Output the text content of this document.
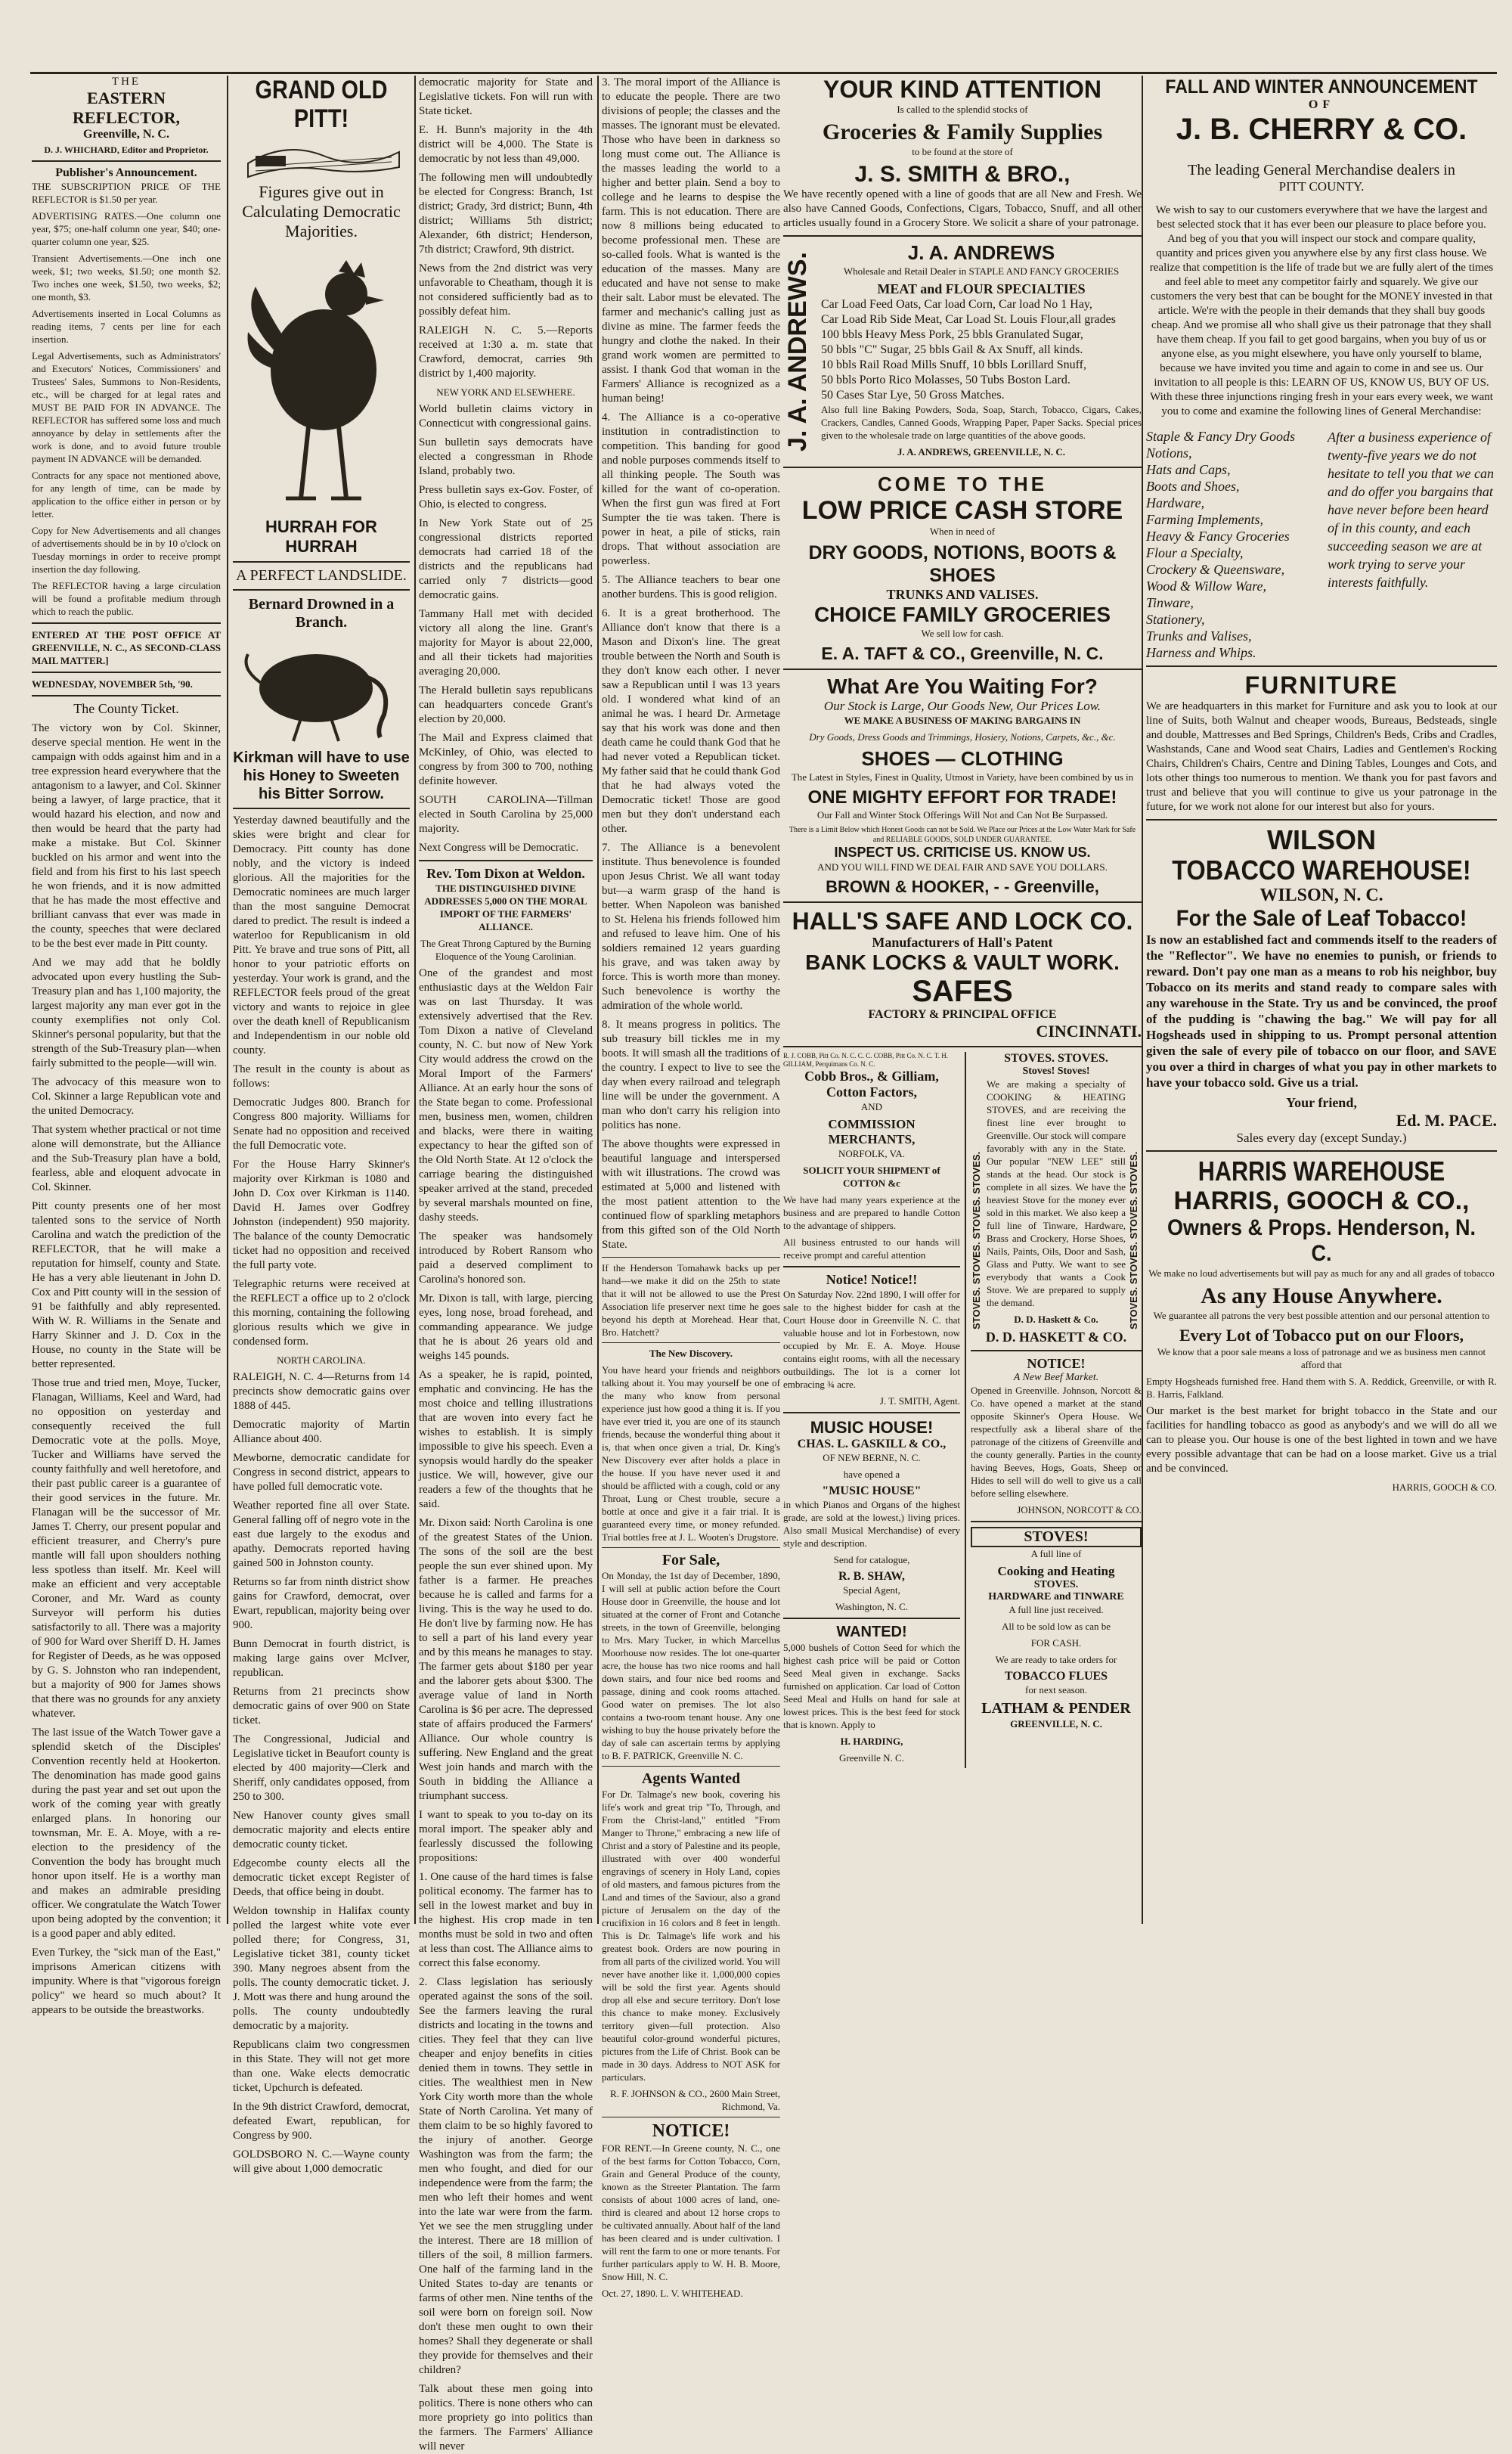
THE
EASTERN REFLECTOR,
Greenville, N. C.
D. J. WHICHARD, Editor and Proprietor.
Publisher's Announcement.

THE SUBSCRIPTION PRICE OF THE REFLECTOR is $1.50 per year.

ADVERTISING RATES.—One column one year, $75; one-half column one year, $40; one-quarter column one year, $25.

Transient Advertisements.—One inch one week, $1; two weeks, $1.50; one month $2. Two inches one week, $1.50, two weeks, $2; one month, $3.

Advertisements inserted in Local Columns as reading items, 7 cents per line for each insertion.

Legal Advertisements, such as Administrators' and Executors' Notices, Commissioners' and Trustees' Sales, Summons to Non-Residents, etc., will be charged for at legal rates and MUST BE PAID FOR IN ADVANCE. The REFLECTOR has suffered some loss and much annoyance by delay in settlements after the work is done, and to avoid future trouble payment IN ADVANCE will be demanded.

Contracts for any space not mentioned above, for any length of time, can be made by application to the office either in person or by letter.

Copy for New Advertisements and all changes of advertisements should be in by 10 o'clock on Tuesday mornings in order to receive prompt insertion the day following.

The REFLECTOR having a large circulation will be found a profitable medium through which to reach the public.

ENTERED AT THE POST OFFICE AT GREENVILLE, N. C., AS SECOND-CLASS MAIL MATTER.]

WEDNESDAY, NOVEMBER 5th, '90.
The County Ticket.

The victory won by Col. Skinner, deserve special mention. He went in the campaign with odds against him and in a tree expression heard everywhere that the antagonism to a lawyer, and Col. Skinner being a lawyer, of large practice, that it would hazard his election, and now and then would be heard that the party had make a mistake. But Col. Skinner buckled on his armor and went into the field and from his first to his last speech he won friends, and it is now admitted that he has made the most effective and brilliant canvass that ever was made in the county, speeches that were declared to be the best ever made in Pitt county.

And we may add that he boldly advocated upon every hustling the Sub-Treasury plan and has 1,100 majority, the largest majority any man ever got in the county exemplifies not only Col. Skinner's personal popularity, but that the strength of the Sub-Treasury plan—when fairly submitted to the people—will win.

The advocacy of this measure won to Col. Skinner a large Republican vote and the united Democracy.

That system whether practical or not time alone will demonstrate, but the Alliance and the Sub-Treasury plan have a bold, fearless, able and eloquent advocate in Col. Skinner.

Pitt county presents one of her most talented sons to the service of North Carolina and watch the prediction of the REFLECTOR, that he will make a reputation for himself, county and State. He has a very able lieutenant in John D. Cox and Pitt county will in the session of 91 be faithfully and ably represented. With W. R. Williams in the Senate and Harry Skinner and J. D. Cox in the House, no county in the State will be better represented.

Those true and tried men, Moye, Tucker, Flanagan, Williams, Keel and Ward, had no opposition on yesterday and consequently received the full Democratic vote at the polls. Moye, Tucker and Williams have served the county faithfully and well heretofore, and their past public career is a guarantee of their good services in the future. Mr. Flanagan will be the successor of Mr. James T. Cherry, our present popular and efficient treasurer, and Cherry's pure mantle will fall upon shoulders nothing less spotless than itself. Mr. Keel will make an efficient and very acceptable Coroner, and Mr. Ward as county Surveyor will perform his duties satisfactorily to all. There was a majority of 900 for Ward over Sheriff D. H. James for Register of Deeds, as he was opposed by G. S. Johnston who ran independent, but a majority of 900 for James shows that there was no grounds for any anxiety whatever.

The last issue of the Watch Tower gave a splendid sketch of the Disciples' Convention recently held at Hookerton. The denomination has made good gains during the past year and set out upon the work of the coming year with greatly enlarged plans. In honoring our townsman, Mr. E. A. Moye, with a re-election to the presidency of the Convention the body has brought much honor upon itself. He is a worthy man and makes an admirable presiding officer. We congratulate the Watch Tower upon being adopted by the convention; it is a good paper and ably edited.

Even Turkey, the "sick man of the East," imprisons American citizens with impunity. Where is that "vigorous foreign policy" we heard so much about? It appears to be outside the breastworks.

GRAND OLD PITT!
Figures give out in Calculating Democratic Majorities.
HURRAH FOR HURRAH
A PERFECT LANDSLIDE.
Bernard Drowned in a Branch.
Kirkman will have to use his Honey to Sweeten his Bitter Sorrow.

Yesterday dawned beautifully and the skies were bright and clear for Democracy. Pitt county has done nobly, and the victory is indeed glorious. All the majorities for the Democratic nominees are much larger than the most sanguine Democrat dared to predict. The result is indeed a waterloo for Republicanism in old Pitt. Ye brave and true sons of Pitt, all honor to your patriotic efforts on yesterday. Your work is grand, and the REFLECTOR feels proud of the great victory and wants to rejoice in glee over the death knell of Republicanism and Independentism in our noble old county.

The result in the county is about as follows:

Democratic Judges 800. Branch for Congress 800 majority. Williams for Senate had no opposition and received the full Democratic vote.

For the House Harry Skinner's majority over Kirkman is 1080 and John D. Cox over Kirkman is 1140. David H. James over Godfrey Johnston (independent) 950 majority. The balance of the county Democratic ticket had no opposition and received the full party vote.

Telegraphic returns were received at the REFLECT a office up to 2 o'clock this morning, containing the following glorious results which we give in condensed form.

NORTH CAROLINA.

RALEIGH, N. C. 4—Returns from 14 precincts show democratic gains over 1888 of 445.

Democratic majority of Martin Alliance about 400.

Mewborne, democratic candidate for Congress in second district, appears to have polled full democratic vote.

Weather reported fine all over State. General falling off of negro vote in the east due largely to the exodus and apathy. Democrats reported having gained 500 in Johnston county.

Returns so far from ninth district show gains for Crawford, democrat, over Ewart, republican, majority being over 900.

Bunn Democrat in fourth district, is making large gains over McIver, republican.

Returns from 21 precincts show democratic gains of over 900 on State ticket.

The Congressional, Judicial and Legislative ticket in Beaufort county is elected by 400 majority—Clerk and Sheriff, only candidates opposed, from 250 to 300.

New Hanover county gives small democratic majority and elects entire democratic county ticket.

Edgecombe county elects all the democratic ticket except Register of Deeds, that office being in doubt.

Weldon township in Halifax county polled the largest white vote ever polled there; for Congress, 31, Legislative ticket 381, county ticket 390. Many negroes absent from the polls. The county democratic ticket. J. J. Mott was there and hung around the polls. The county undoubtedly democratic by a majority.

Republicans claim two congressmen in this State. They will not get more than one. Wake elects democratic ticket, Upchurch is defeated.

In the 9th district Crawford, democrat, defeated Ewart, republican, for Congress by 900.

GOLDSBORO N. C.—Wayne county will give about 1,000 democratic

democratic majority for State and Legislative tickets. Fon will run with State ticket.

E. H. Bunn's majority in the 4th district will be 4,000. The State is democratic by not less than 49,000.

The following men will undoubtedly be elected for Congress: Branch, 1st district; Grady, 3rd district; Bunn, 4th district; Williams 5th district; Alexander, 6th district; Henderson, 7th district; Crawford, 9th district.

News from the 2nd district was very unfavorable to Cheatham, though it is not considered sufficiently bad as to possibly defeat him.

RALEIGH N. C. 5.—Reports received at 1:30 a. m. state that Crawford, democrat, carries 9th district by 1,400 majority.

NEW YORK AND ELSEWHERE.

World bulletin claims victory in Connecticut with congressional gains.

Sun bulletin says democrats have elected a congressman in Rhode Island, probably two.

Press bulletin says ex-Gov. Foster, of Ohio, is elected to congress.

In New York State out of 25 congressional districts reported democrats had carried 18 of the districts and the republicans had carried only 7 districts—good democratic gains.

Tammany Hall met with decided victory all along the line. Grant's majority for Mayor is about 22,000, and all their tickets had majorities averaging 20,000.

The Herald bulletin says republicans can headquarters concede Grant's election by 20,000.

The Mail and Express claimed that McKinley, of Ohio, was elected to congress by from 300 to 700, nothing definite however.

SOUTH CAROLINA—Tillman elected in South Carolina by 25,000 majority.

Next Congress will be Democratic.

Rev. Tom Dixon at Weldon.
THE DISTINGUISHED DIVINE ADDRESSES 5,000 ON THE MORAL IMPORT OF THE FARMERS' ALLIANCE.
The Great Throng Captured by the Burning Eloquence of the Young Carolinian.

One of the grandest and most enthusiastic days at the Weldon Fair was on last Thursday. It was extensively advertised that the Rev. Tom Dixon a native of Cleveland county, N. C. but now of New York City would address the crowd on the Moral Import of the Farmers' Alliance. At an early hour the sons of the State began to come. Professional men, business men, women, children and blacks, were there in waiting expectancy to hear the gifted son of the Old North State. At 12 o'clock the carriage bearing the distinguished speaker arrived at the stand, preceded by several marshals mounted on fine, dashy steeds.

The speaker was handsomely introduced by Robert Ransom who paid a deserved compliment to Carolina's honored son.

Mr. Dixon is tall, with large, piercing eyes, long nose, broad forehead, and commanding appearance. We judge that he is about 26 years old and weighs 145 pounds.

As a speaker, he is rapid, pointed, emphatic and convincing. He has the most choice and telling illustrations that are woven into every fact he wishes to establish. It is simply impossible to give his speech. Even a synopsis would hardly do the speaker justice. We will, however, give our readers a few of the thoughts that he said.

Mr. Dixon said: North Carolina is one of the greatest States of the Union. The sons of the soil are the best people the sun ever shined upon. My father is a farmer. He preaches because he is called and farms for a living. This is the way he used to do. He don't live by farming now. He has to sell a part of his land every year and by this means he manages to stay. The farmer gets about $180 per year and the laborer gets about $300. The average value of land in North Carolina is $6 per acre. The depressed state of affairs produced the Farmers' Alliance. Our whole country is suffering. New England and the great West join hands and march with the South in bidding the Alliance a triumphant success.

I want to speak to you to-day on its moral import. The speaker ably and fearlessly discussed the following propositions:

1. One cause of the hard times is false political economy. The farmer has to sell in the lowest market and buy in the highest. His crop made in ten months must be sold in two and often at less than cost. The Alliance aims to correct this false economy.

2. Class legislation has seriously operated against the sons of the soil. See the farmers leaving the rural districts and locating in the towns and cities. They feel that they can live cheaper and enjoy benefits in cities denied them in towns. They settle in cities. The wealthiest men in New York City worth more than the whole State of North Carolina. Yet many of them claim to be so highly favored to the injury of another. George Washington was from the farm; the men who fought, and died for our independence were from the farm; the men who left their homes and went into the late war were from the farm. Yet we see the men struggling under the interest. There are 18 million of tillers of the soil, 8 million farmers. One half of the farming land in the United States to-day are tenants or farms of other men. Nine tenths of the soil were born on foreign soil. Now don't these men ought to own their homes? Shall they degenerate or shall they provide for themselves and their children?

Talk about these men going into politics. There is none others who can more propriety go into politics than the farmers. The Farmers' Alliance will never

3. The moral import of the Alliance is to educate the people. There are two divisions of people; the classes and the masses. The ignorant must be elevated. Those who have been in darkness so long must come out. The Alliance is the masses leading the world to a higher and better plain. Send a boy to college and he learns to despise the farm. This is not education. There are now 8 millions being educated to become professional men. These are so-called fools. What is wanted is the education of the masses. Many are educated and have not sense to make their salt. Labor must be elevated. The farmer and mechanic's calling just as divine as mine. The farmer feeds the hungry and clothe the naked. In their grand work women are permitted to assist. I thank God that woman in the Farmers' Alliance is recognized as a human being!

4. The Alliance is a co-operative institution in contradistinction to competition. This banding for good and noble purposes commends itself to all thinking people. The South was killed for the want of co-operation. When the first gun was fired at Fort Sumpter the tie was taken. There is power in heat, a pile of sticks, rain drops. That without association are powerless.

5. The Alliance teachers to bear one another burdens. This is good religion.

6. It is a great brotherhood. The Alliance don't know that there is a Mason and Dixon's line. The great trouble between the North and South is they don't know each other. I never saw a Republican until I was 13 years old. I wondered what kind of an animal he was. I heard Dr. Armetage say that his work was done and then death came he could thank God that he had never voted a Republican ticket. My father said that he could thank God that he had always voted the Democratic ticket! Those are good men but they don't understand each other.

7. The Alliance is a benevolent institute. Thus benevolence is founded upon Jesus Christ. We all want today but—a warm grasp of the hand is better. When Napoleon was banished to St. Helena his friends followed him and refused to leave him. One of his soldiers remained 12 years guarding his grave, and was taken away by force. This is worth more than money. Such benevolence is worthy the admiration of the whole world.

8. It means progress in politics. The sub treasury bill tickles me in my boots. It will smash all the traditions of the country. I expect to live to see the day when every railroad and telegraph line will be under the government. A man who don't carry his religion into politics has none.

The above thoughts were expressed in beautiful language and interspersed with wit illustrations. The crowd was estimated at 5,000 and listened with the most patient attention to the continued flow of sparkling metaphors from this gifted son of the Old North State.

If the Henderson Tomahawk backs up per hand—we make it did on the 25th to state that it will not be allowed to use the Prest Association life preserver next time he goes beyond his depth at Morehead. Hear that, Bro. Hatchett?

The New Discovery.

You have heard your friends and neighbors talking about it. You may yourself be one of the many who know from personal experience just how good a thing it is. If you have ever tried it, you are one of its staunch friends, because the wonderful thing about it is, that when once given a trial, Dr. King's New Discovery ever after holds a place in the house. If you have never used it and should be afflicted with a cough, cold or any Throat, Lung or Chest trouble, secure a bottle at once and give it a fair trial. It is guaranteed every time, or money refunded. Trial bottles free at J. L. Wooten's Drugstore.

For Sale,

On Monday, the 1st day of December, 1890, I will sell at public action before the Court House door in Greenville, the house and lot situated at the corner of Front and Cotanche streets, in the town of Greenville, belonging to Mrs. Mary Tucker, in which Marcellus Moorhouse now resides. The lot one-quarter acre, the house has two nice rooms and hall down stairs, and four nice bed rooms and passage, dining and cook rooms attached. Good water on premises. The lot also contains a two-room tenant house. Any one wishing to buy the house privately before the day of sale can ascertain terms by applying to B. F. PATRICK, Greenville N. C.

Agents Wanted

For Dr. Talmage's new book, covering his life's work and great trip "To, Through, and From the Christ-land," entitled "From Manger to Throne," embracing a new life of Christ and a story of Palestine and its people, illustrated with over 400 wonderful engravings of scenery in Holy Land, copies of old masters, and famous pictures from the Land and times of the Saviour, also a grand picture of Jerusalem on the day of the crucifixion in 16 colors and 8 feet in length. This is Dr. Talmage's life work and his greatest book. Orders are now pouring in from all parts of the civilized world. You will never have another like it. 1,000,000 copies will be sold the first year. Agents should drop all else and secure territory. Don't lose this chance to make money. Exclusively territory given—full protection. Also beautiful color-ground wonderful pictures, pictures from the Life of Christ. Book can be made in 30 days. Address to NOT ASK for particulars.

R. F. JOHNSON & CO., 2600 Main Street, Richmond, Va.
NOTICE!

FOR RENT.—In Greene county, N. C., one of the best farms for Cotton Tobacco, Corn, Grain and General Produce of the county, known as the Streeter Plantation. The farm consists of about 1000 acres of land, one-third is cleared and about 12 horse crops to be cultivated annually. About half of the land has been cleared and is under cultivation. I will rent the farm to one or more tenants. For further particulars apply to W. H. B. Moore, Snow Hill, N. C.

Oct. 27, 1890. L. V. WHITEHEAD.
YOUR KIND ATTENTION
Is called to the splendid stocks of
Groceries & Family Supplies
to be found at the store of
J. S. SMITH & BRO.,

We have recently opened with a line of goods that are all New and Fresh. We also have Canned Goods, Confections, Cigars, Tobacco, Snuff, and all other articles usually found in a Grocery Store. We solicit a share of your patronage.

J. A. ANDREWS.	J. A. ANDREWS
Wholesale and Retail Dealer in STAPLE AND FANCY GROCERIES
MEAT and FLOUR SPECIALTIES
Car Load Feed Oats, Car load Corn, Car load No 1 Hay,
Car Load Rib Side Meat, Car Load St. Louis Flour,all grades
100 bbls Heavy Mess Pork, 25 bbls Granulated Sugar,
50 bbls "C" Sugar, 25 bbls Gail & Ax Snuff, all kinds.
10 bbls Rail Road Mills Snuff, 10 bbls Lorillard Snuff,
50 bbls Porto Rico Molasses, 50 Tubs Boston Lard.
50 Cases Star Lye, 50 Gross Matches.

Also full line Baking Powders, Soda, Soap, Starch, Tobacco, Cigars, Cakes, Crackers, Candles, Canned Goods, Wrapping Paper, Paper Sacks. Special prices given to the wholesale trade on large quantities of the above goods.

J. A. ANDREWS, GREENVILLE, N. C.
COME TO THE
LOW PRICE CASH STORE
When in need of
DRY GOODS, NOTIONS, BOOTS & SHOES
TRUNKS AND VALISES.
CHOICE FAMILY GROCERIES
We sell low for cash.
E. A. TAFT & CO., Greenville, N. C.
What Are You Waiting For?
Our Stock is Large, Our Goods New, Our Prices Low.
WE MAKE A BUSINESS OF MAKING BARGAINS IN
Dry Goods, Dress Goods and Trimmings, Hosiery, Notions, Carpets, &c., &c.
SHOES — CLOTHING
The Latest in Styles, Finest in Quality, Utmost in Variety, have been combined by us in
ONE MIGHTY EFFORT FOR TRADE!
Our Fall and Winter Stock Offerings Will Not and Can Not Be Surpassed.
There is a Limit Below which Honest Goods can not be Sold. We Place our Prices at the Low Water Mark for Safe and RELIABLE GOODS, SOLD UNDER GUARANTEE.
INSPECT US. CRITICISE US. KNOW US.
AND YOU WILL FIND WE DEAL FAIR AND SAVE YOU DOLLARS.
BROWN & HOOKER, - - Greenville,
HALL'S SAFE AND LOCK CO.
Manufacturers of Hall's Patent
BANK LOCKS & VAULT WORK.
SAFES
FACTORY & PRINCIPAL OFFICE
CINCINNATI.
R. J. COBB, Pitt Co. N. C. C. C. COBB, Pitt Co. N. C. T. H. GILLIAM, Perquimans Co. N. C.
Cobb Bros., & Gilliam,
Cotton Factors,
AND
COMMISSION MERCHANTS,
NORFOLK, VA.
SOLICIT YOUR SHIPMENT of COTTON &c

We have had many years experience at the business and are prepared to handle Cotton to the advantage of shippers.

All business entrusted to our hands will receive prompt and careful attention

Notice! Notice!!

On Saturday Nov. 22nd 1890, I will offer for sale to the highest bidder for cash at the Court House door in Greenville N. C. that valuable house and lot in Forbestown, now occupied by Mr. E. A. Moye. House contains eight rooms, with all the necessary outbuildings. The lot is a corner lot embracing ¾ acre.

J. T. SMITH, Agent.
MUSIC HOUSE!
CHAS. L. GASKILL & CO.,
OF NEW BERNE, N. C.
have opened a
"MUSIC HOUSE"

in which Pianos and Organs of the highest grade, are sold at the lowest,) living prices. Also small Musical Merchandise) of every style and description.

Send for catalogue,
R. B. SHAW,
Special Agent,
Washington, N. C.
WANTED!

5,000 bushels of Cotton Seed for which the highest cash price will be paid or Cotton Seed Meal given in exchange. Sacks furnished on application. Car load of Cotton Seed Meal and Hulls on hand for sale at lowest prices. This is the best feed for stock that is known. Apply to

H. HARDING,
Greenville N. C.
STOVES. STOVES.
STOVES. STOVES. STOVES. STOVES.
Stoves! Stoves!

We are making a specialty of COOKING & HEATING STOVES, and are receiving the finest line ever brought to Greenville. Our stock will compare favorably with any in the State. Our popular "NEW LEE" still stands at the head. Our stock is complete in all sizes. We have the heaviest Stove for the money ever sold in this market. We also keep a full line of Tinware, Hardware, Brass and Crockery, Horse Shoes, Nails, Paints, Oils, Door and Sash, Glass and Putty. We want to see everybody that wants a Cook Stove. We are prepared to supply the demand.

D. D. Haskett & Co.	STOVES. STOVES. STOVES. STOVES.
D. D. HASKETT & CO.
NOTICE!
A New Beef Market.

Opened in Greenville. Johnson, Norcott & Co. have opened a market at the stand opposite Skinner's Opera House. We respectfully ask a liberal share of the patronage of the citizens of Greenville and the county generally. Parties in the county having Beeves, Hogs, Goats, Sheep or Hides to sell will do well to give us a call before selling elsewhere.

JOHNSON, NORCOTT & CO.
STOVES!
A full line of
Cooking and Heating
STOVES.
HARDWARE and TINWARE
A full line just received.
All to be sold low as can be
FOR CASH.
We are ready to take orders for
TOBACCO FLUES
for next season.
LATHAM & PENDER
GREENVILLE, N. C.
FALL AND WINTER ANNOUNCEMENT
OF
J. B. CHERRY & CO.
The leading General Merchandise dealers in
PITT COUNTY.

We wish to say to our customers everywhere that we have the largest and best selected stock that it has ever been our pleasure to place before you. And beg of you that you will inspect our stock and compare quality, quantity and prices given you anywhere else by any first class house. We realize that competition is the life of trade but we are fully alert of the times and feel able to meet any competitor fairly and squarely. We give our customers the very best that can be bought for the MONEY invested in that article. We're with the people in their demands that they shall buy goods cheap. And we promise all who shall give us their patronage that they shall have them cheap. If you fail to get good bargains, when you buy of us or anyone else, as you might elsewhere, you have only yourself to blame, because we have invited you time and again to come in and see us. Our invitation to all people is this: LEARN OF US, KNOW US, BUY OF US. With these three injunctions ringing fresh in your ears every week, we want you to come and examine the following lines of General Merchandise:

Staple & Fancy Dry Goods
Notions,
Hats and Caps,
Boots and Shoes,
Hardware,
Farming Implements,
Heavy & Fancy Groceries
Flour a Specialty,
Crockery & Queensware,
Wood & Willow Ware,
Tinware,
Stationery,
Trunks and Valises,
Harness and Whips.
After a business experience of twenty-five years we do not hesitate to tell you that we can and do offer you bargains that have never before been heard of in this county, and each succeeding season we are at work trying to serve your interests faithfully.
FURNITURE

We are headquarters in this market for Furniture and ask you to look at our line of Suits, both Walnut and cheaper woods, Bureaus, Bedsteads, single and double, Mattresses and Bed Springs, Children's Beds, Cribs and Cradles, Washstands, Cane and Wood seat Chairs, Ladies and Gentlemen's Rocking Chairs, Children's Chairs, Centre and Dining Tables, Lounges and Cots, and lots other things too numerous to mention. We thank you for past favors and trust and believe that you will continue to give us your patronage in the future, for we work not alone for our interest but also for yours.

WILSON
TOBACCO WAREHOUSE!
WILSON, N. C.
For the Sale of Leaf Tobacco!

Is now an established fact and commends itself to the readers of the "Reflector". We have no enemies to punish, or friends to reward. Don't pay one man as a means to rob his neighbor, buy Tobacco on its merits and stand ready to compare sales with any warehouse in the State. Try us and be convinced, the proof of the pudding is "chawing the bag." We will pay for all Hogsheads used in shipping to us. Prompt personal attention given the sale of every pile of tobacco on our floor, and SAVE you over a third in charges of what you pay in other markets to have your tobacco sold. Give us a trial.

Your friend,
Ed. M. PACE.
Sales every day (except Sunday.)
HARRIS WAREHOUSE
HARRIS, GOOCH & CO.,
Owners & Props. Henderson, N. C.
We make no loud advertisements but will pay as much for any and all grades of tobacco
As any House Anywhere.
We guarantee all patrons the very best possible attention and our personal attention to
Every Lot of Tobacco put on our Floors,
We know that a poor sale means a loss of patronage and we as business men cannot afford that

Empty Hogsheads furnished free. Hand them with S. A. Reddick, Greenville, or with R. B. Harris, Falkland.

Our market is the best market for bright tobacco in the State and our facilities for handling tobacco as good as anybody's and we will do all we can to please you. Our house is one of the best lighted in town and we have every possible advantage that can be had on a loose market. Give us a trial and be convinced.

HARRIS, GOOCH & CO.
